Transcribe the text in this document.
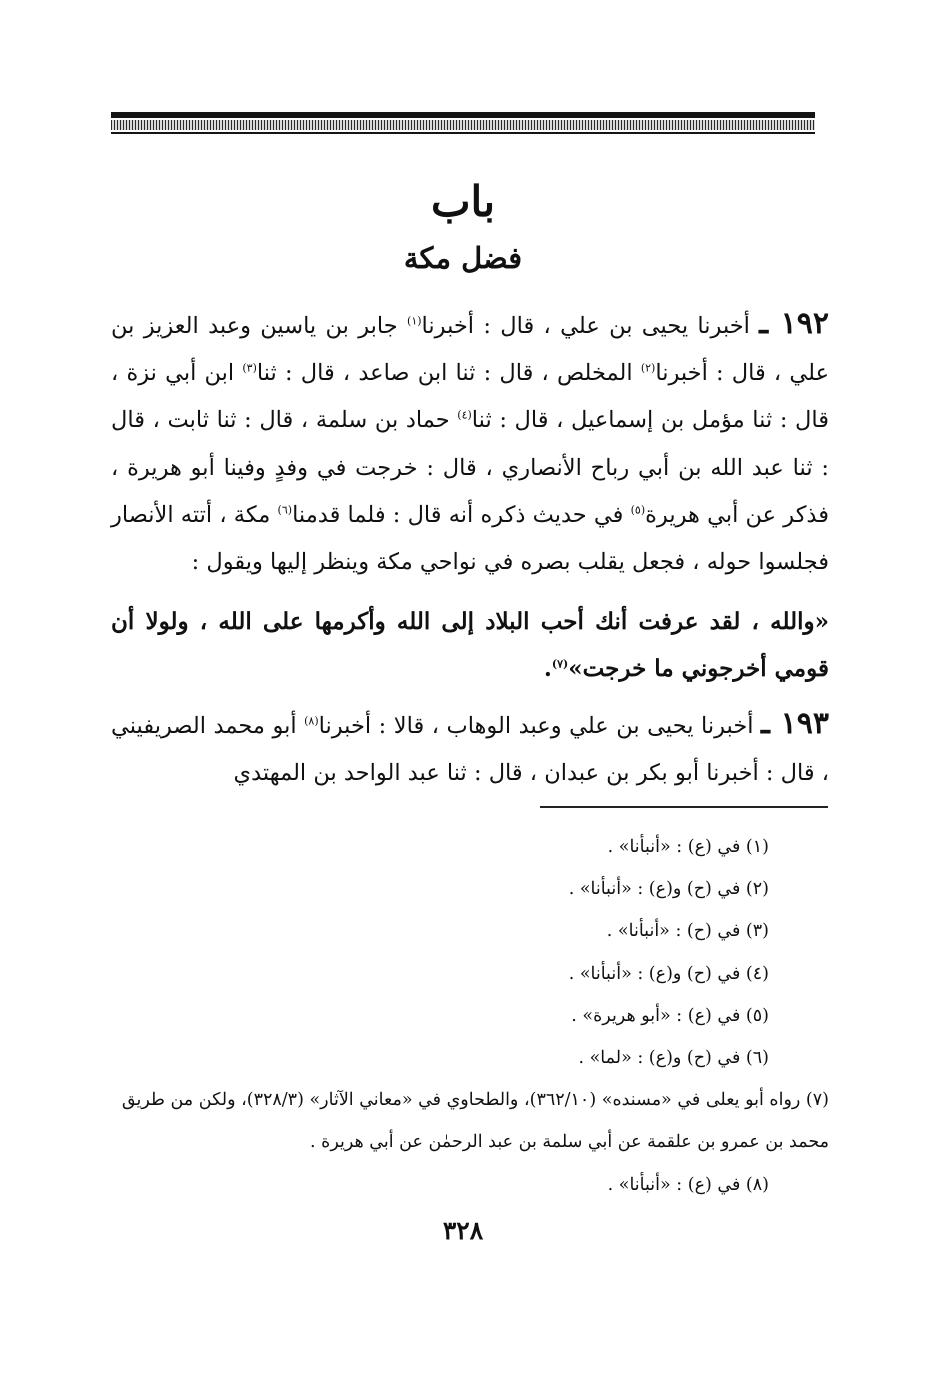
باب
فضل مكة
١٩٢ ـ أخبرنا يحيى بن علي ، قال : أخبرنا$^{(١)}$ جابر بن ياسين وعبد العزيز بن علي ، قال : أخبرنا$^{(٢)}$ المخلص ، قال : ثنا ابن صاعد ، قال : ثنا$^{(٣)}$ ابن أبي نزة ، قال : ثنا مؤمل بن إسماعيل ، قال : ثنا$^{(٤)}$ حماد بن سلمة ، قال : ثنا ثابت ، قال : ثنا عبد الله بن أبي رباح الأنصاري ، قال : خرجت في وفدٍ وفينا أبو هريرة ، فذكر عن أبي هريرة$^{(٥)}$ في حديث ذكره أنه قال : فلما قدمنا$^{(٦)}$ مكة ، أتته الأنصار فجلسوا حوله ، فجعل يقلب بصره في نواحي مكة وينظر إليها ويقول :
«والله ، لقد عرفت أنك أحب البلاد إلى الله وأكرمها على الله ، ولولا أن قومي أخرجوني ما خرجت»$^{(٧)}$.
١٩٣ ـ أخبرنا يحيى بن علي وعبد الوهاب ، قالا : أخبرنا$^{(٨)}$ أبو محمد الصريفيني ، قال : أخبرنا أبو بكر بن عبدان ، قال : ثنا عبد الواحد بن المهتدي
(١) في (ع) : «أنبأنا» .
(٢) في (ح) و(ع) : «أنبأنا» .
(٣) في (ح) : «أنبأنا» .
(٤) في (ح) و(ع) : «أنبأنا» .
(٥) في (ع) : «أبو هريرة» .
(٦) في (ح) و(ع) : «لما» .
(٧) رواه أبو يعلى في «مسنده» (٣٦٢/١٠)، والطحاوي في «معاني الآثار» (٣٢٨/٣)، ولكن من طريق محمد بن عمرو بن علقمة عن أبي سلمة بن عبد الرحمٰن عن أبي هريرة .
(٨) في (ع) : «أنبأنا» .
٣٢٨
